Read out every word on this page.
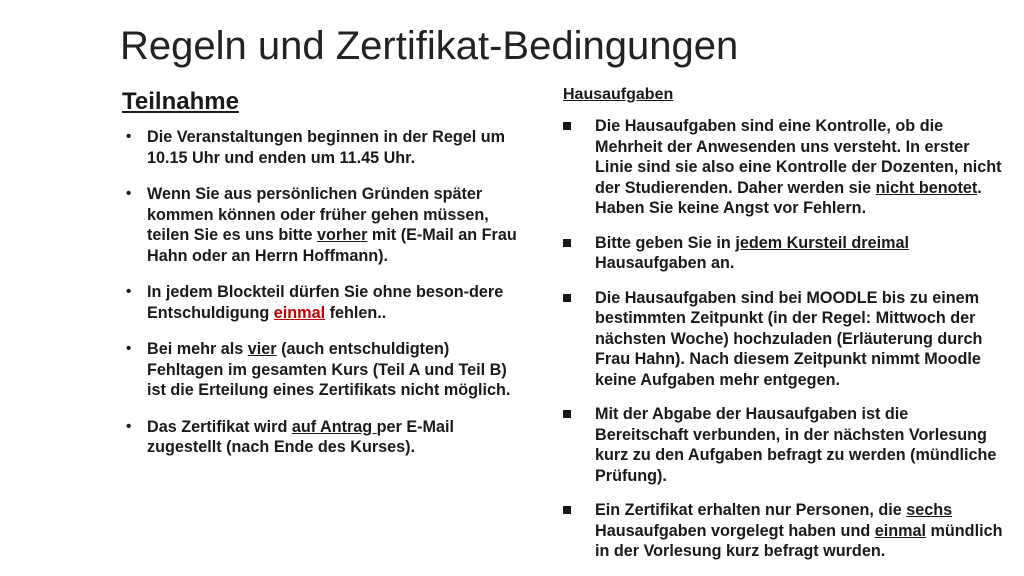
Regeln und Zertifikat-Bedingungen
Teilnahme
• Die Veranstaltungen beginnen in der Regel um 10.15 Uhr und enden um 11.45 Uhr.
• Wenn Sie aus persönlichen Gründen später kommen können oder früher gehen müssen, teilen Sie es uns bitte vorher mit (E-Mail an Frau Hahn oder an Herrn Hoffmann).
• In jedem Blockteil dürfen Sie ohne beson-dere Entschuldigung einmal fehlen..
• Bei mehr als vier (auch entschuldigten) Fehltagen im gesamten Kurs (Teil A und Teil B) ist die Erteilung eines Zertifikats nicht möglich.
• Das Zertifikat wird auf Antrag per E-Mail zugestellt (nach Ende des Kurses).
Hausaufgaben
Die Hausaufgaben sind eine Kontrolle, ob die Mehrheit der Anwesenden uns versteht. In erster Linie sind sie also eine Kontrolle der Dozenten, nicht der Studierenden. Daher werden sie nicht benotet. Haben Sie keine Angst vor Fehlern.
Bitte geben Sie in jedem Kursteil dreimal Hausaufgaben an.
Die Hausaufgaben sind bei MOODLE bis zu einem bestimmten Zeitpunkt (in der Regel: Mittwoch der nächsten Woche) hochzuladen (Erläuterung durch Frau Hahn). Nach diesem Zeitpunkt nimmt Moodle keine Aufgaben mehr entgegen.
Mit der Abgabe der Hausaufgaben ist die Bereitschaft verbunden, in der nächsten Vorlesung kurz zu den Aufgaben befragt zu werden (mündliche Prüfung).
Ein Zertifikat erhalten nur Personen, die sechs Hausaufgaben vorgelegt haben und einmal mündlich in der Vorlesung kurz befragt wurden.
